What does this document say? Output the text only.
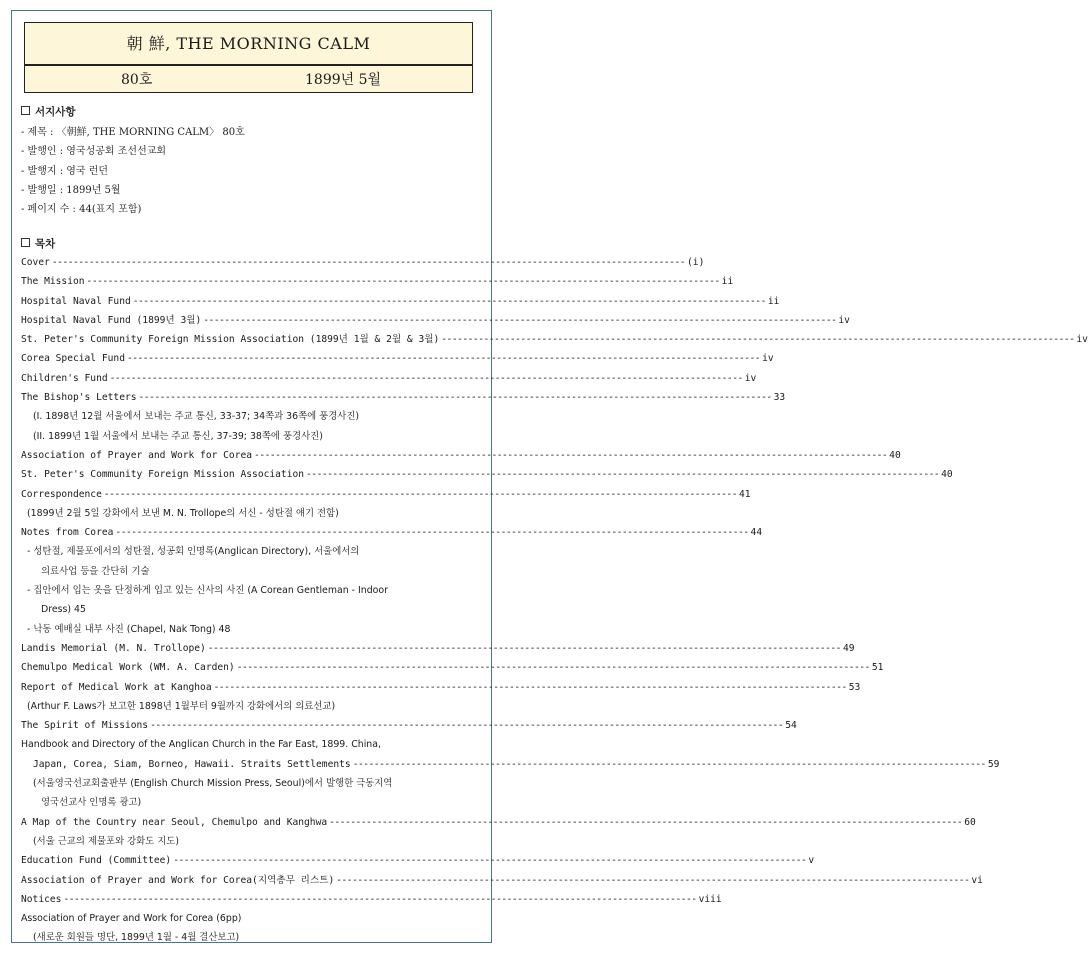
朝 鮮, THE MORNING CALM
80호	1899년 5월
서지사항
- 제목 : 〈朝鮮, THE MORNING CALM〉 80호
- 발행인 : 영국성공회 조선선교회
- 발행지 : 영국 런던
- 발행일 : 1899년 5월
- 페이지 수 : 44(표지 포함)
목차
Cover ------------------------------------------------------------------------------------------------------------------------ (i)
The Mission ------------------------------------------------------------------------------------------------------------------------ ii
Hospital Naval Fund ------------------------------------------------------------------------------------------------------------------------ ii
Hospital Naval Fund (1899년 3월) ------------------------------------------------------------------------------------------------------------------------ iv
St. Peter's Community Foreign Mission Association (1899년 1월 & 2월 & 3월) ------------------------------------------------------------------------------------------------------------------------ iv
Corea Special Fund ------------------------------------------------------------------------------------------------------------------------ iv
Children's Fund ------------------------------------------------------------------------------------------------------------------------ iv
The Bishop's Letters ------------------------------------------------------------------------------------------------------------------------ 33
(I. 1898년 12월 서울에서 보내는 주교 통신, 33-37; 34쪽과 36쪽에 풍경사진)
(II. 1899년 1월 서울에서 보내는 주교 통신, 37-39; 38쪽에 풍경사진)
Association of Prayer and Work for Corea ------------------------------------------------------------------------------------------------------------------------ 40
St. Peter's Community Foreign Mission Association ------------------------------------------------------------------------------------------------------------------------ 40
Correspondence ------------------------------------------------------------------------------------------------------------------------ 41
(1899년 2월 5일 강화에서 보낸 M. N. Trollope의 서신 - 성탄절 얘기 전함)
Notes from Corea ------------------------------------------------------------------------------------------------------------------------ 44
- 성탄절, 제물포에서의 성탄절, 성공회 인명록(Anglican Directory), 서울에서의
의료사업 등을 간단히 기술
- 집안에서 입는 옷을 단정하게 입고 있는 신사의 사진 (A Corean Gentleman - Indoor
Dress) 45
- 낙동 예배실 내부 사진 (Chapel, Nak Tong) 48
Landis Memorial (M. N. Trollope) ------------------------------------------------------------------------------------------------------------------------ 49
Chemulpo Medical Work (WM. A. Carden) ------------------------------------------------------------------------------------------------------------------------ 51
Report of Medical Work at Kanghoa ------------------------------------------------------------------------------------------------------------------------ 53
(Arthur F. Laws가 보고한 1898년 1월부터 9월까지 강화에서의 의료선교)
The Spirit of Missions ------------------------------------------------------------------------------------------------------------------------ 54
Handbook and Directory of the Anglican Church in the Far East, 1899. China,
Japan, Corea, Siam, Borneo, Hawaii. Straits Settlements ------------------------------------------------------------------------------------------------------------------------ 59
(서울영국선교회출판부 (English Church Mission Press, Seoul)에서 발행한 극동지역
영국선교사 인명록 광고)
A Map of the Country near Seoul, Chemulpo and Kanghwa ------------------------------------------------------------------------------------------------------------------------ 60
(서울 근교의 제물포와 강화도 지도)
Education Fund (Committee) ------------------------------------------------------------------------------------------------------------------------ v
Association of Prayer and Work for Corea(지역총무 리스트) ------------------------------------------------------------------------------------------------------------------------ vi
Notices ------------------------------------------------------------------------------------------------------------------------ viii
Association of Prayer and Work for Corea (6pp)
(새로운 회원들 명단, 1899년 1월 - 4월 결산보고)
